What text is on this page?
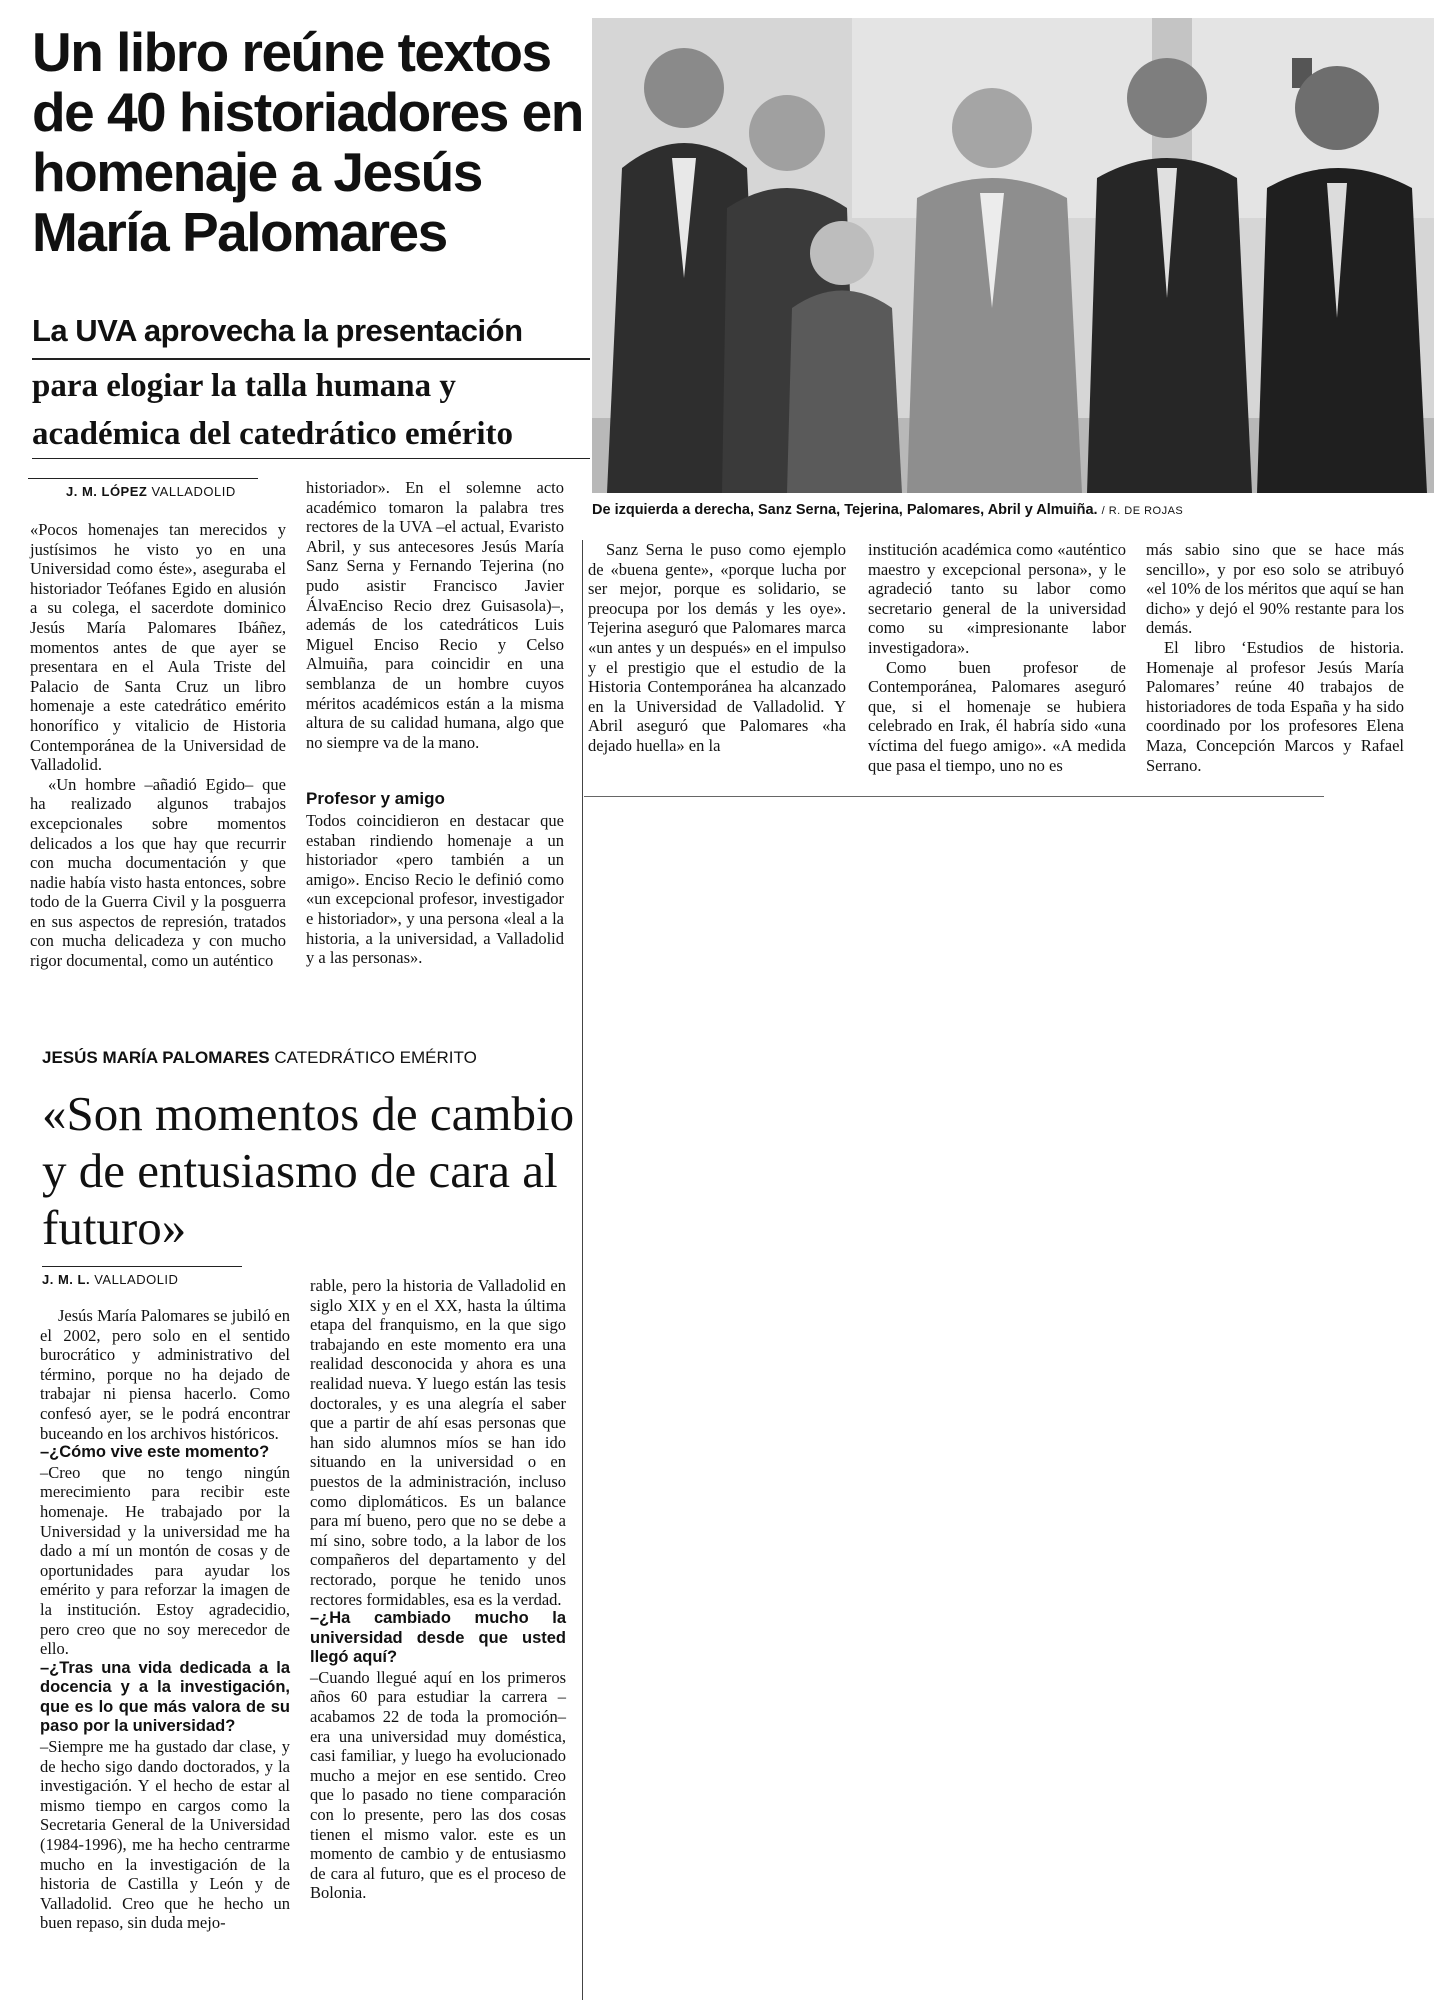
Un libro reúne textos de 40 historiadores en homenaje a Jesús María Palomares
La UVA aprovecha la presentación
para elogiar la talla humana y académica del catedrático emérito
J. M. LÓPEZ VALLADOLID

«Pocos homenajes tan merecidos y justísimos he visto yo en una Universidad como éste», aseguraba el historiador Teófanes Egido en alusión a su colega, el sacerdote dominico Jesús María Palomares Ibáñez, momentos antes de que ayer se presentara en el Aula Triste del Palacio de Santa Cruz un libro homenaje a este catedrático emérito honorífico y vitalicio de Historia Contemporánea de la Universidad de Valladolid.

«Un hombre –añadió Egido– que ha realizado algunos trabajos excepcionales sobre momentos delicados a los que hay que recurrir con mucha documentación y que nadie había visto hasta entonces, sobre todo de la Guerra Civil y la posguerra en sus aspectos de represión, tratados con mucha delicadeza y con mucho rigor documental, como un auténtico

historiador». En el solemne acto académico tomaron la palabra tres rectores de la UVA –el actual, Evaristo Abril, y sus antecesores Jesús María Sanz Serna y Fernando Tejerina (no pudo asistir Francisco Javier ÁlvaEnciso Recio drez Guisasola)–, además de los catedráticos Luis Miguel Enciso Recio y Celso Almuiña, para coincidir en una semblanza de un hombre cuyos méritos académicos están a la misma altura de su calidad humana, algo que no siempre va de la mano.

Profesor y amigo

Todos coincidieron en destacar que estaban rindiendo homenaje a un historiador «pero también a un amigo». Enciso Recio le definió como «un excepcional profesor, investigador e historiador», y una persona «leal a la historia, a la universidad, a Valladolid y a las personas».

De izquierda a derecha, Sanz Serna, Tejerina, Palomares, Abril y Almuiña. / R. DE ROJAS

Sanz Serna le puso como ejemplo de «buena gente», «porque lucha por ser mejor, porque es solidario, se preocupa por los demás y les oye». Tejerina aseguró que Palomares marca «un antes y un después» en el impulso y el prestigio que el estudio de la Historia Contemporánea ha alcanzado en la Universidad de Valladolid. Y Abril aseguró que Palomares «ha dejado huella» en la

institución académica como «auténtico maestro y excepcional persona», y le agradeció tanto su labor como secretario general de la universidad como su «impresionante labor investigadora».

Como buen profesor de Contemporánea, Palomares aseguró que, si el homenaje se hubiera celebrado en Irak, él habría sido «una víctima del fuego amigo». «A medida que pasa el tiempo, uno no es

más sabio sino que se hace más sencillo», y por eso solo se atribuyó «el 10% de los méritos que aquí se han dicho» y dejó el 90% restante para los demás.

El libro ‘Estudios de historia. Homenaje al profesor Jesús María Palomares’ reúne 40 trabajos de historiadores de toda España y ha sido coordinado por los profesores Elena Maza, Concepción Marcos y Rafael Serrano.

JESÚS MARÍA PALOMARES CATEDRÁTICO EMÉRITO
«Son momentos de cambio y de entusiasmo de cara al futuro»
J. M. L. VALLADOLID

Jesús María Palomares se jubiló en el 2002, pero solo en el sentido burocrático y administrativo del término, porque no ha dejado de trabajar ni piensa hacerlo. Como confesó ayer, se le podrá encontrar buceando en los archivos históricos.

–¿Cómo vive este momento?

–Creo que no tengo ningún merecimiento para recibir este homenaje. He trabajado por la Universidad y la universidad me ha dado a mí un montón de cosas y de oportunidades para ayudar los emérito y para reforzar la imagen de la institución. Estoy agradecidio, pero creo que no soy merecedor de ello.

–¿Tras una vida dedicada a la docencia y a la investigación, que es lo que más valora de su paso por la universidad?

–Siempre me ha gustado dar clase, y de hecho sigo dando doctorados, y la investigación. Y el hecho de estar al mismo tiempo en cargos como la Secretaria General de la Universidad (1984-1996), me ha hecho centrarme mucho en la investigación de la historia de Castilla y León y de Valladolid. Creo que he hecho un buen repaso, sin duda mejo-

rable, pero la historia de Valladolid en siglo XIX y en el XX, hasta la última etapa del franquismo, en la que sigo trabajando en este momento era una realidad desconocida y ahora es una realidad nueva. Y luego están las tesis doctorales, y es una alegría el saber que a partir de ahí esas personas que han sido alumnos míos se han ido situando en la universidad o en puestos de la administración, incluso como diplomáticos. Es un balance para mí bueno, pero que no se debe a mí sino, sobre todo, a la labor de los compañeros del departamento y del rectorado, porque he tenido unos rectores formidables, esa es la verdad.

–¿Ha cambiado mucho la universidad desde que usted llegó aquí?

–Cuando llegué aquí en los primeros años 60 para estudiar la carrera –acabamos 22 de toda la promoción– era una universidad muy doméstica, casi familiar, y luego ha evolucionado mucho a mejor en ese sentido. Creo que lo pasado no tiene comparación con lo presente, pero las dos cosas tienen el mismo valor. este es un momento de cambio y de entusiasmo de cara al futuro, que es el proceso de Bolonia.
